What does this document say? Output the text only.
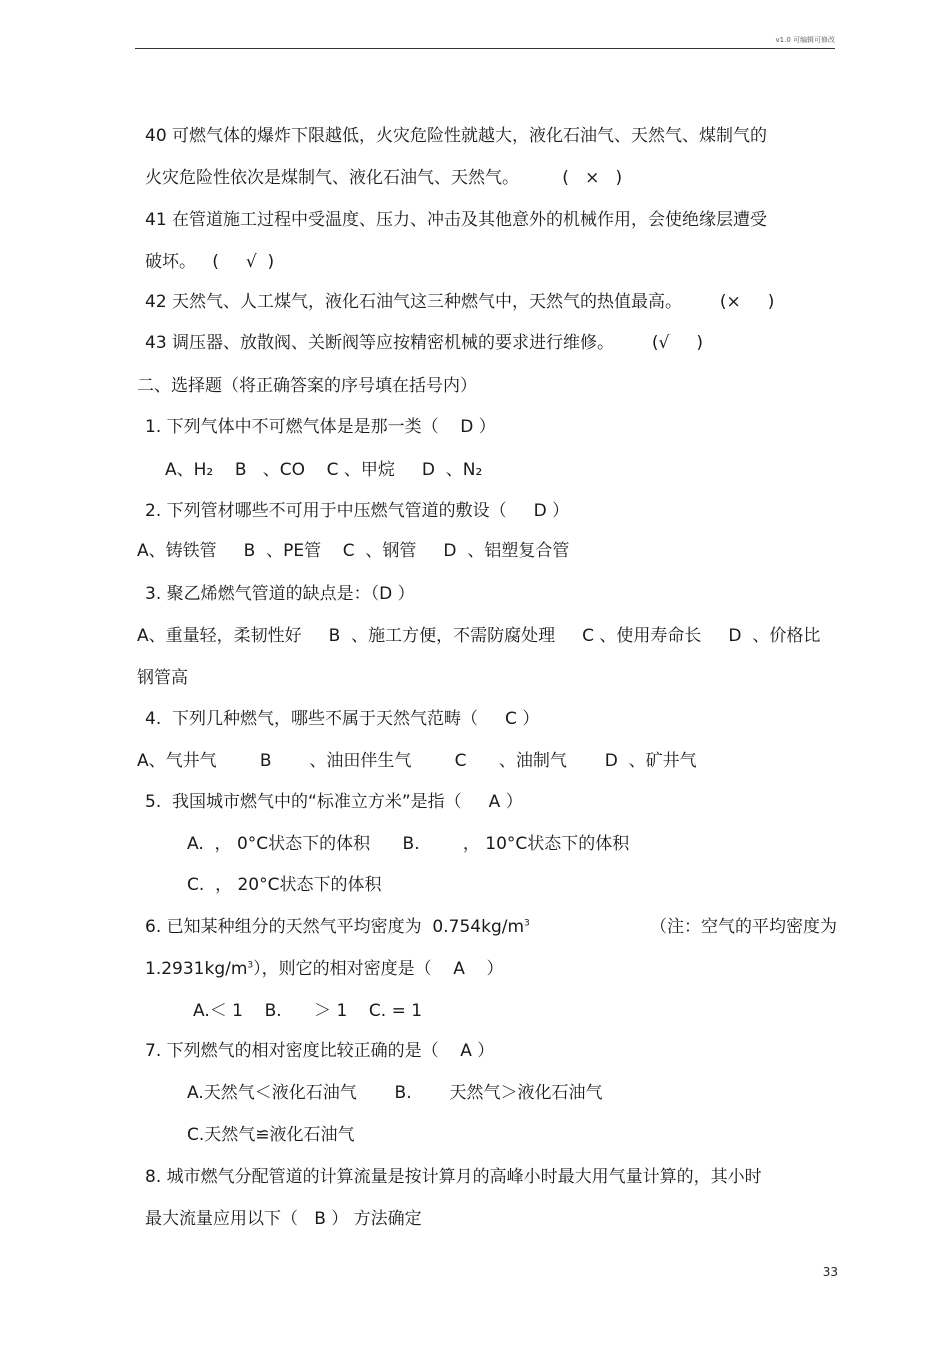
v1.0 可编辑可修改
40 可燃气体的爆炸下限越低，火灾危险性就越大，液化石油气、天然气、煤制气的
火灾危险性依次是煤制气、液化石油气、天然气。        (   ×   )
41 在管道施工过程中受温度、压力、冲击及其他意外的机械作用，会使绝缘层遭受
破坏。   (     √  )
42 天然气、人工煤气，液化石油气这三种燃气中，天然气的热值最高。       (×     )
43 调压器、放散阀、关断阀等应按精密机械的要求进行维修。       (√     )
二、选择题（将正确答案的序号填在括号内）
1. 下列气体中不可燃气体是是那一类（    D ）
A、H₂    B   、CO    C 、甲烷     D  、N₂
2. 下列管材哪些不可用于中压燃气管道的敷设（     D ）
A、铸铁管     B  、PE管    C  、钢管     D  、铝塑复合管
3. 聚乙烯燃气管道的缺点是：（D ）
A、重量轻，柔韧性好     B  、施工方便，不需防腐处理     C 、使用寿命长     D  、价格比
钢管高
4.  下列几种燃气，哪些不属于天然气范畴（     C ）
A、气井气        B       、油田伴生气        C      、油制气       D  、矿井气
5.  我国城市燃气中的“标准立方米”是指（     A ）
A.  ， 0°C状态下的体积      B.        ， 10°C状态下的体积
C.  ， 20°C状态下的体积
6. 已知某种组分的天然气平均密度为  $0.754kg/m^3$	（注：空气的平均密度为
$1.2931kg/m^3$），则它的相对密度是（    A    ）
A.＜ 1    B.      ＞ 1    C. = 1
7. 下列燃气的相对密度比较正确的是（    A ）
A.天然气＜液化石油气       B.       天然气＞液化石油气
C.天然气≌液化石油气
8. 城市燃气分配管道的计算流量是按计算月的高峰小时最大用气量计算的，其小时
最大流量应用以下（   B ） 方法确定
33
